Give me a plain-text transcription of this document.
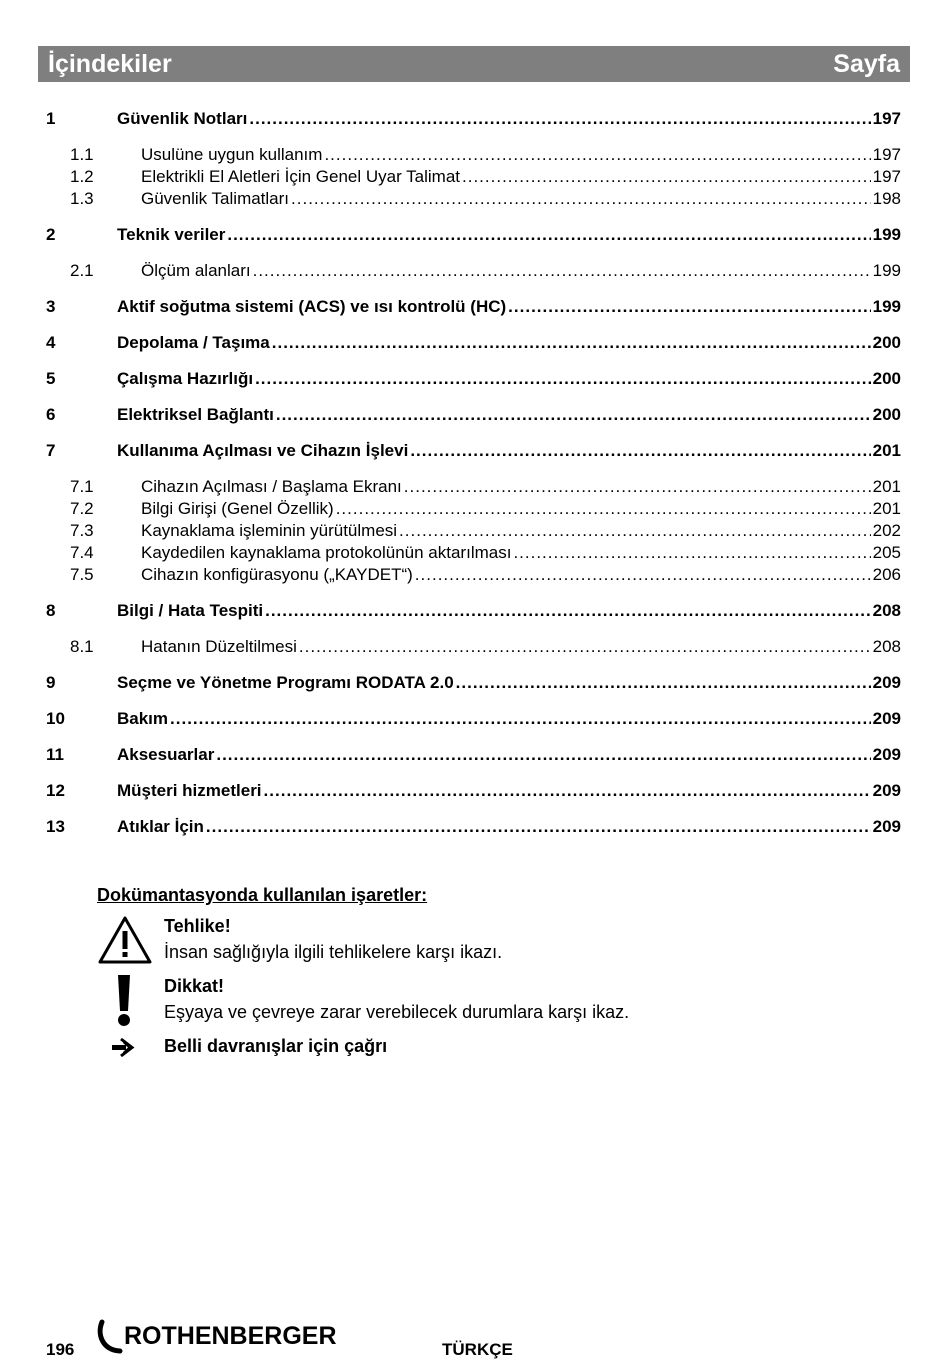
İçindekiler	Sayfa
1	Güvenlik Notları .....	197
1.1	Usulüne uygun kullanım .....	197
1.2	Elektrikli El Aletleri İçin Genel Uyar Talimat .....	197
1.3	Güvenlik Talimatları .....	198
2	Teknik veriler .....	199
2.1	Ölçüm alanları .....	199
3	Aktif soğutma sistemi (ACS) ve ısı kontrolü (HC) .....	199
4	Depolama / Taşıma .....	200
5	Çalışma Hazırlığı .....	200
6	Elektriksel Bağlantı .....	200
7	Kullanıma Açılması ve Cihazın İşlevi .....	201
7.1	Cihazın Açılması / Başlama Ekranı .....	201
7.2	Bilgi Girişi (Genel Özellik) .....	201
7.3	Kaynaklama işleminin yürütülmesi .....	202
7.4	Kaydedilen kaynaklama protokolünün aktarılması .....	205
7.5	Cihazın konfigürasyonu („KAYDET“) .....	206
8	Bilgi / Hata Tespiti .....	208
8.1	Hatanın Düzeltilmesi .....	208
9	Seçme ve Yönetme Programı RODATA 2.0 .....	209
10	Bakım .....	209
11	Aksesuarlar .....	209
12	Müşteri hizmetleri .....	209
13	Atıklar İçin .....	209
Dokümantasyonda kullanılan işaretler:
Tehlike!
İnsan sağlığıyla ilgili tehlikelere karşı ikazı.
Dikkat!
Eşyaya ve çevreye zarar verebilecek durumlara karşı ikaz.
Belli davranışlar için çağrı
196 ROTHENBERGER	TÜRKÇE
